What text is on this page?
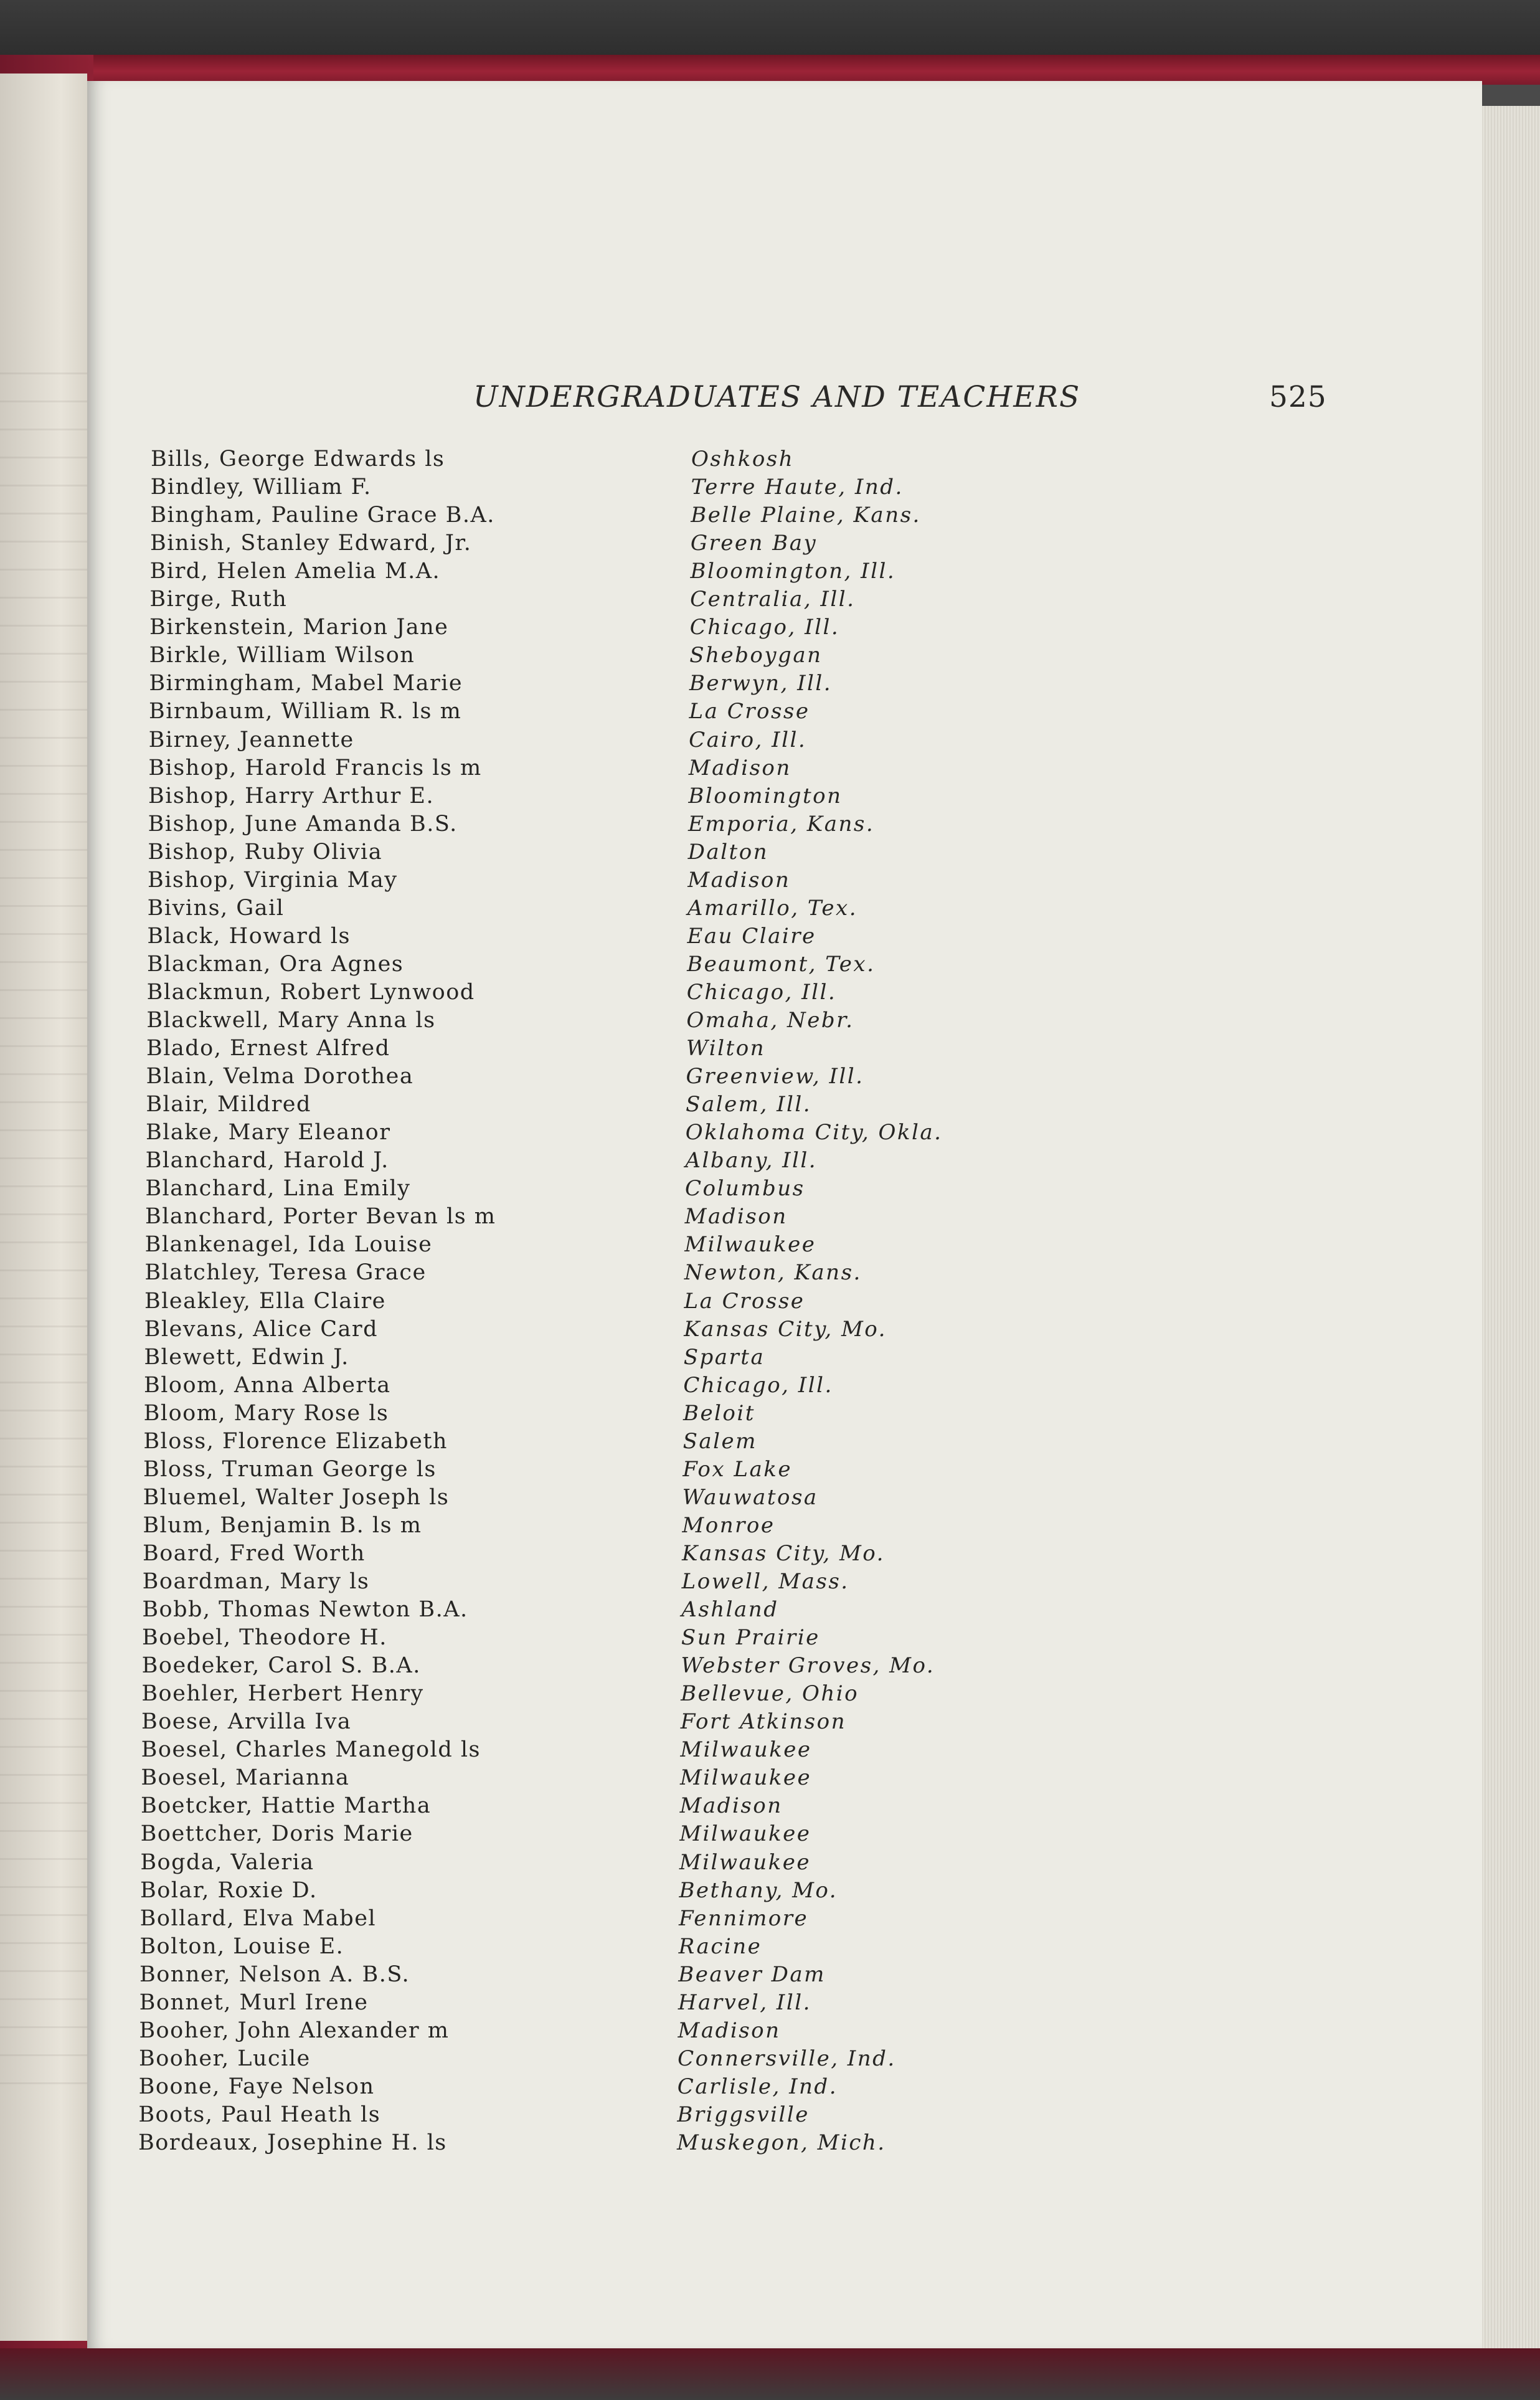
UNDERGRADUATES AND TEACHERS	525
Bills, George Edwards ls	Oshkosh
Bindley, William F.	Terre Haute, Ind.
Bingham, Pauline Grace B.A.	Belle Plaine, Kans.
Binish, Stanley Edward, Jr.	Green Bay
Bird, Helen Amelia M.A.	Bloomington, Ill.
Birge, Ruth	Centralia, Ill.
Birkenstein, Marion Jane	Chicago, Ill.
Birkle, William Wilson	Sheboygan
Birmingham, Mabel Marie	Berwyn, Ill.
Birnbaum, William R. ls m	La Crosse
Birney, Jeannette	Cairo, Ill.
Bishop, Harold Francis ls m	Madison
Bishop, Harry Arthur E.	Bloomington
Bishop, June Amanda B.S.	Emporia, Kans.
Bishop, Ruby Olivia	Dalton
Bishop, Virginia May	Madison
Bivins, Gail	Amarillo, Tex.
Black, Howard ls	Eau Claire
Blackman, Ora Agnes	Beaumont, Tex.
Blackmun, Robert Lynwood	Chicago, Ill.
Blackwell, Mary Anna ls	Omaha, Nebr.
Blado, Ernest Alfred	Wilton
Blain, Velma Dorothea	Greenview, Ill.
Blair, Mildred	Salem, Ill.
Blake, Mary Eleanor	Oklahoma City, Okla.
Blanchard, Harold J.	Albany, Ill.
Blanchard, Lina Emily	Columbus
Blanchard, Porter Bevan ls m	Madison
Blankenagel, Ida Louise	Milwaukee
Blatchley, Teresa Grace	Newton, Kans.
Bleakley, Ella Claire	La Crosse
Blevans, Alice Card	Kansas City, Mo.
Blewett, Edwin J.	Sparta
Bloom, Anna Alberta	Chicago, Ill.
Bloom, Mary Rose ls	Beloit
Bloss, Florence Elizabeth	Salem
Bloss, Truman George ls	Fox Lake
Bluemel, Walter Joseph ls	Wauwatosa
Blum, Benjamin B. ls m	Monroe
Board, Fred Worth	Kansas City, Mo.
Boardman, Mary ls	Lowell, Mass.
Bobb, Thomas Newton B.A.	Ashland
Boebel, Theodore H.	Sun Prairie
Boedeker, Carol S. B.A.	Webster Groves, Mo.
Boehler, Herbert Henry	Bellevue, Ohio
Boese, Arvilla Iva	Fort Atkinson
Boesel, Charles Manegold ls	Milwaukee
Boesel, Marianna	Milwaukee
Boetcker, Hattie Martha	Madison
Boettcher, Doris Marie	Milwaukee
Bogda, Valeria	Milwaukee
Bolar, Roxie D.	Bethany, Mo.
Bollard, Elva Mabel	Fennimore
Bolton, Louise E.	Racine
Bonner, Nelson A. B.S.	Beaver Dam
Bonnet, Murl Irene	Harvel, Ill.
Booher, John Alexander m	Madison
Booher, Lucile	Connersville, Ind.
Boone, Faye Nelson	Carlisle, Ind.
Boots, Paul Heath ls	Briggsville
Bordeaux, Josephine H. ls	Muskegon, Mich.
